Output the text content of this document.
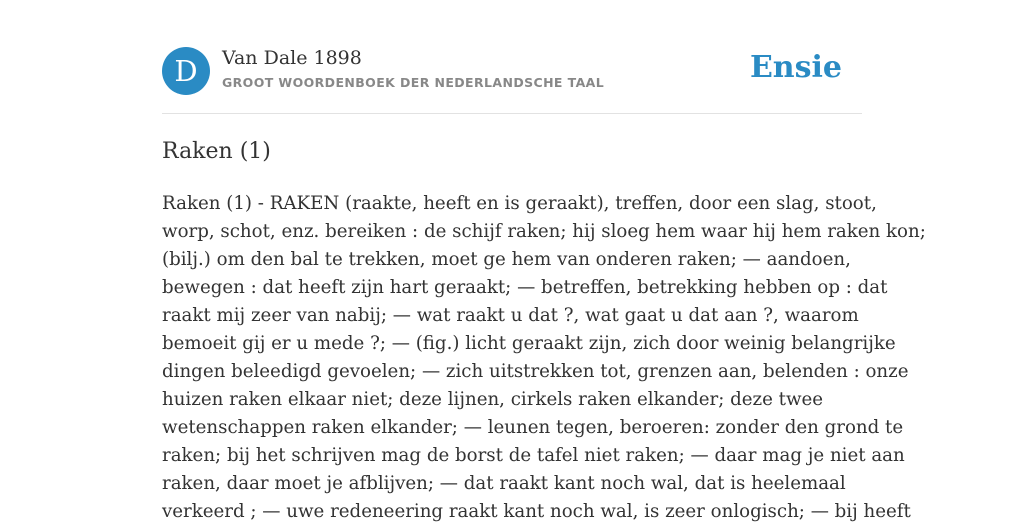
D	Van Dale 1898
GROOT WOORDENBOEK DER NEDERLANDSCHE TAAL	Ensie
Raken (1)
Raken (1) - RAKEN (raakte, heeft en is geraakt), treffen, door een slag, stoot,
worp, schot, enz. bereiken : de schijf raken; hij sloeg hem waar hij hem raken kon;
(bilj.) om den bal te trekken, moet ge hem van onderen raken; — aandoen,
bewegen : dat heeft zijn hart geraakt; — betreffen, betrekking hebben op : dat
raakt mij zeer van nabij; — wat raakt u dat ?, wat gaat u dat aan ?, waarom
bemoeit gij er u mede ?; — (fig.) licht geraakt zijn, zich door weinig belangrijke
dingen beleedigd gevoelen; — zich uitstrekken tot, grenzen aan, belenden : onze
huizen raken elkaar niet; deze lijnen, cirkels raken elkander; deze twee
wetenschappen raken elkander; — leunen tegen, beroeren: zonder den grond te
raken; bij het schrijven mag de borst de tafel niet raken; — daar mag je niet aan
raken, daar moet je afblijven; — dat raakt kant noch wal, dat is heelemaal
verkeerd ; — uwe redeneering raakt kant noch wal, is zeer onlogisch; — bij heeft
